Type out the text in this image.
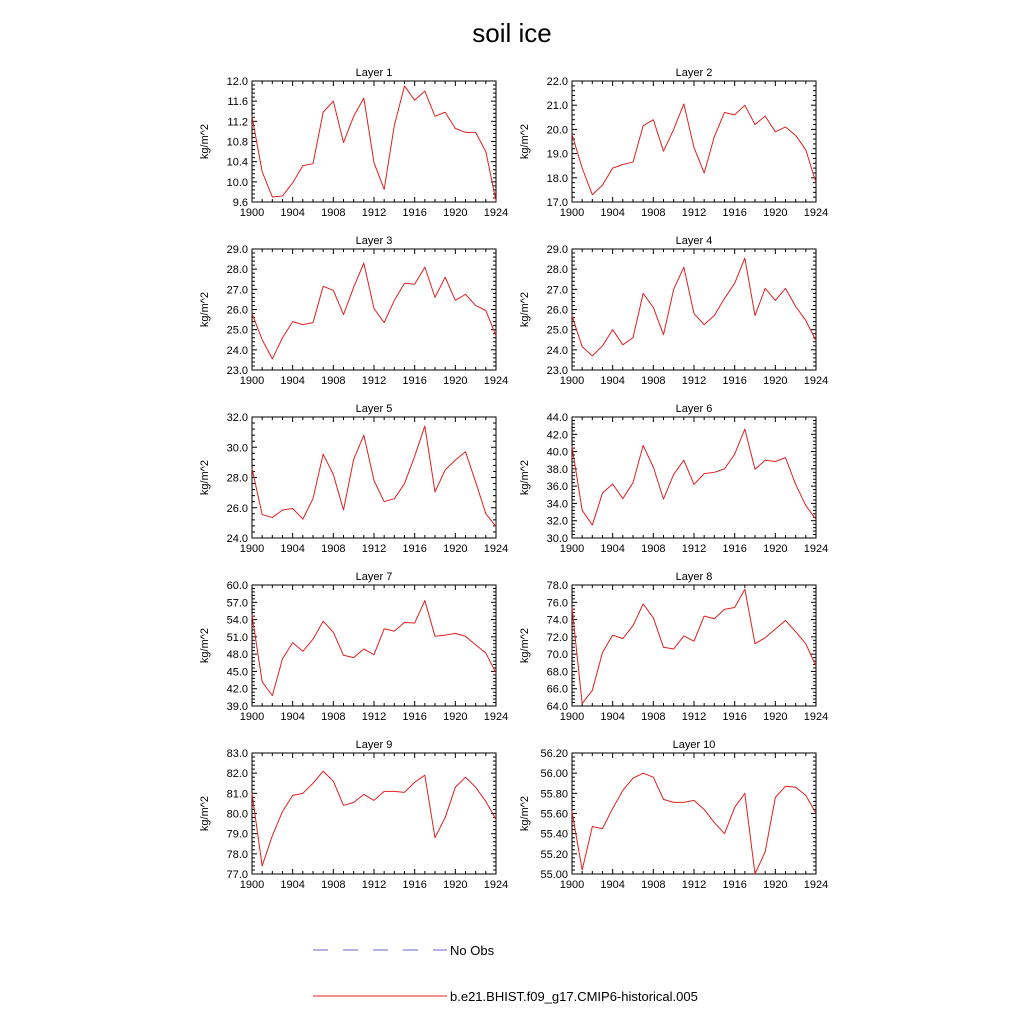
soil ice
Layer 1
kg/m^2
1900 1904 1908 1912 1916 1920 1924
9.6
10.0
10.4
10.8
11.2
11.6
12.0
Layer 2
kg/m^2
1900 1904 1908 1912 1916 1920 1924
17.0
18.0
19.0
20.0
21.0
22.0
Layer 3
kg/m^2
1900 1904 1908 1912 1916 1920 1924
23.0
24.0
25.0
26.0
27.0
28.0
29.0
Layer 4
kg/m^2
1900 1904 1908 1912 1916 1920 1924
23.0
24.0
25.0
26.0
27.0
28.0
29.0
Layer 5
kg/m^2
1900 1904 1908 1912 1916 1920 1924
24.0
26.0
28.0
30.0
32.0
Layer 6
kg/m^2
1900 1904 1908 1912 1916 1920 1924
30.0
32.0
34.0
36.0
38.0
40.0
42.0
44.0
Layer 7
kg/m^2
1900 1904 1908 1912 1916 1920 1924
39.0
42.0
45.0
48.0
51.0
54.0
57.0
60.0
Layer 8
kg/m^2
1900 1904 1908 1912 1916 1920 1924
64.0
66.0
68.0
70.0
72.0
74.0
76.0
78.0
Layer 9
kg/m^2
1900 1904 1908 1912 1916 1920 1924
77.0
78.0
79.0
80.0
81.0
82.0
83.0
Layer 10
kg/m^2
1900 1904 1908 1912 1916 1920 1924
55.00
55.20
55.40
55.60
55.80
56.00
56.20
No Obs
b.e21.BHIST.f09_g17.CMIP6-historical.005
